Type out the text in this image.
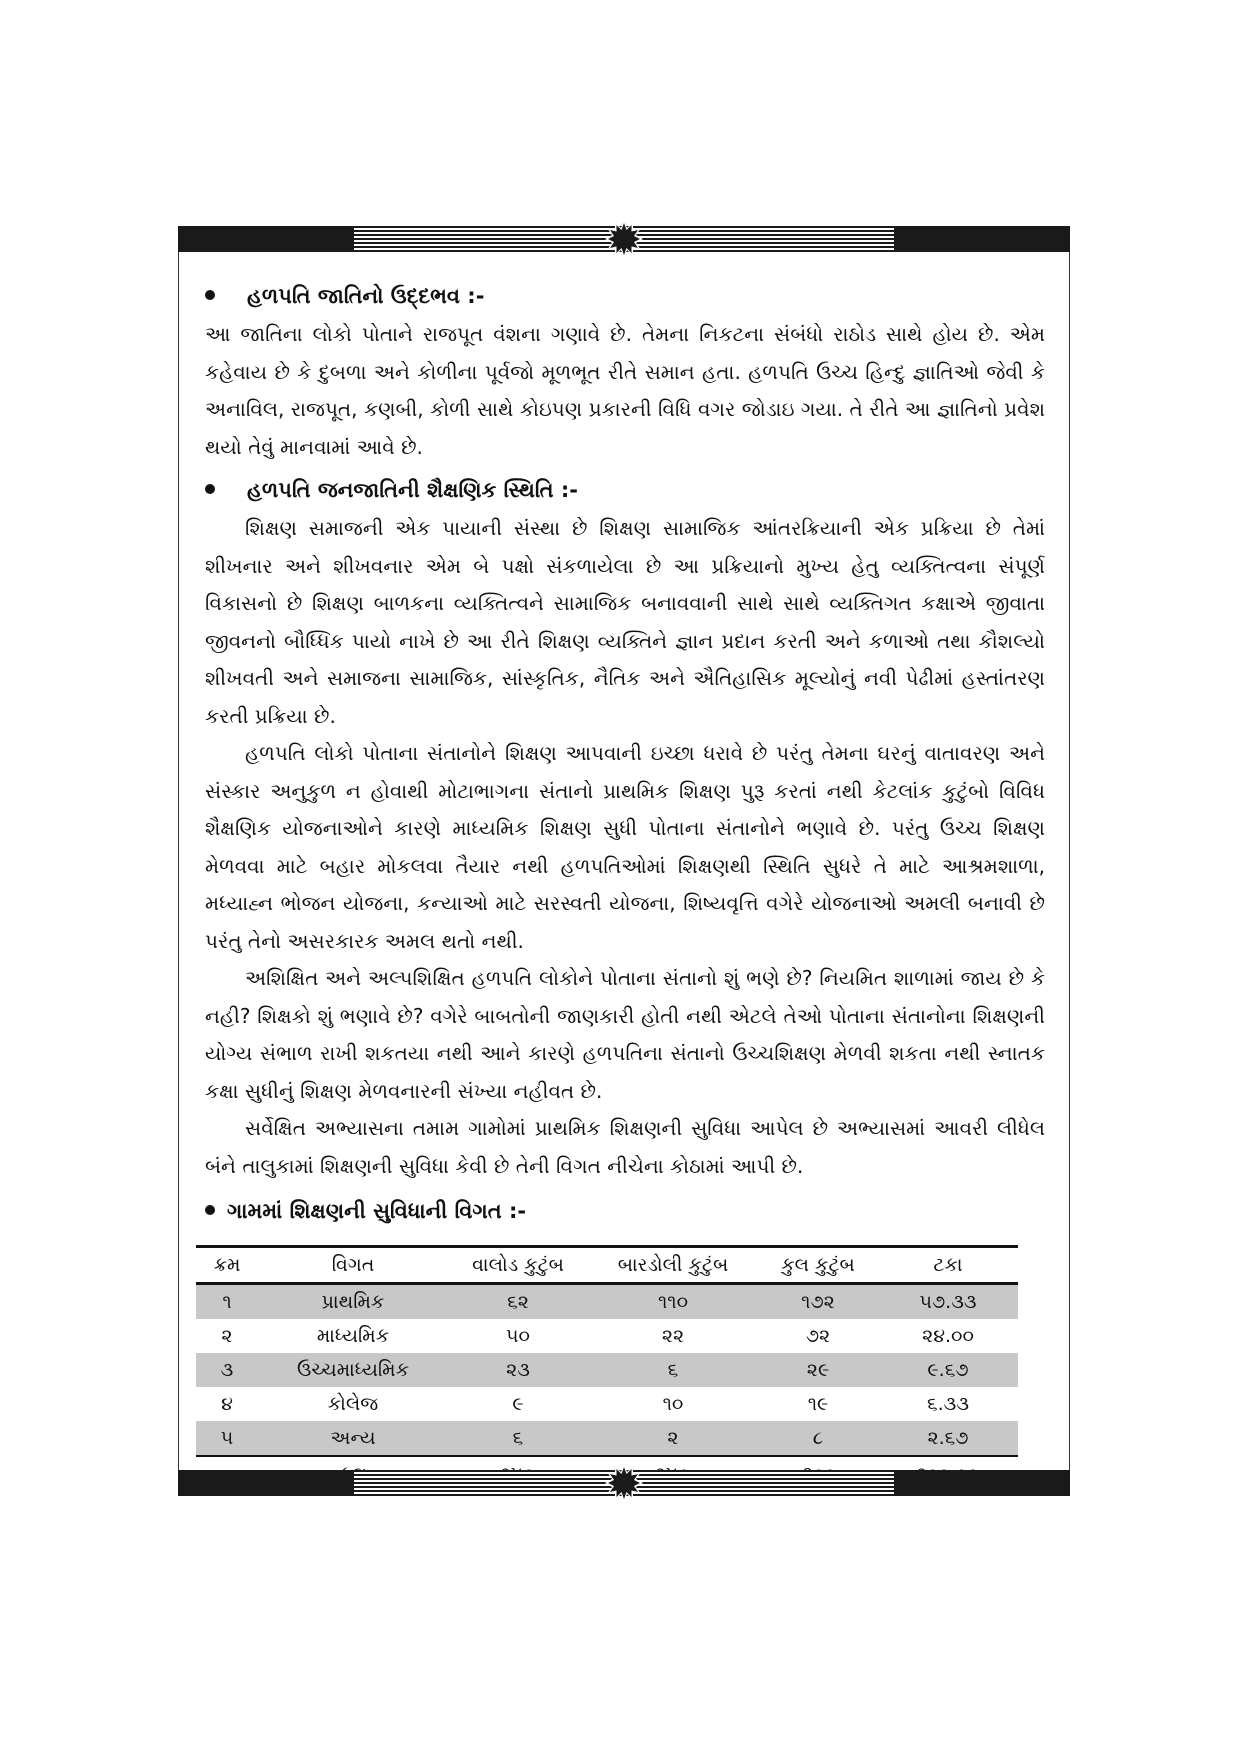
હળપતિ જાતિનો ઉદ્દભવ :-

આ જાતિના લોકો પોતાને રાજપૂત વંશના ગણાવે છે. તેમના નિકટના સંબંધો રાઠોડ સાથે હોય છે. એમ કહેવાય છે કે દુબળા અને કોળીના પૂર્વજો મૂળભૂત રીતે સમાન હતા. હળપતિ ઉચ્ચ હિન્દુ જ્ઞાતિઓ જેવી કે અનાવિલ, રાજપૂત, કણબી, કોળી સાથે કોઇપણ પ્રકારની વિધિ વગર જોડાઇ ગયા. તે રીતે આ જ્ઞાતિનો પ્રવેશ થયો તેવું માનવામાં આવે છે.

હળપતિ જનજાતિની શૈક્ષણિક સ્થિતિ :-

શિક્ષણ સમાજની એક પાયાની સંસ્થા છે શિક્ષણ સામાજિક આંતરક્રિયાની એક પ્રક્રિયા છે તેમાં શીખનાર અને શીખવનાર એમ બે પક્ષો સંકળાયેલા છે આ પ્રક્રિયાનો મુખ્ય હેતુ વ્યક્તિત્વના સંપૂર્ણ વિકાસનો છે શિક્ષણ બાળકના વ્યક્તિત્વને સામાજિક બનાવવાની સાથે સાથે વ્યક્તિગત કક્ષાએ જીવાતા જીવનનો બૌધ્ધિક પાયો નાખે છે આ રીતે શિક્ષણ વ્યક્તિને જ્ઞાન પ્રદાન કરતી અને કળાઓ તથા કૌશલ્યો શીખવતી અને સમાજના સામાજિક, સાંસ્કૃતિક, નૈતિક અને ઐતિહાસિક મૂલ્યોનું નવી પેઢીમાં હસ્તાંતરણ કરતી પ્રક્રિયા છે.

હળપતિ લોકો પોતાના સંતાનોને શિક્ષણ આપવાની ઇચ્છા ધરાવે છે પરંતુ તેમના ઘરનું વાતાવરણ અને સંસ્કાર અનુકુળ ન હોવાથી મોટાભાગના સંતાનો પ્રાથમિક શિક્ષણ પુરૂ કરતાં નથી કેટલાંક કુટુંબો વિવિધ શૈક્ષણિક યોજનાઓને કારણે માધ્યમિક શિક્ષણ સુધી પોતાના સંતાનોને ભણાવે છે. પરંતુ ઉચ્ચ શિક્ષણ મેળવવા માટે બહાર મોકલવા તૈયાર નથી હળપતિઓમાં શિક્ષણથી સ્થિતિ સુધરે તે માટે આશ્રમશાળા, મધ્યાહ્ન ભોજન યોજના, કન્યાઓ માટે સરસ્વતી યોજના, શિષ્યવૃત્તિ વગેરે યોજનાઓ અમલી બનાવી છે પરંતુ તેનો અસરકારક અમલ થતો નથી.

અશિક્ષિત અને અલ્પશિક્ષિત હળપતિ લોકોને પોતાના સંતાનો શું ભણે છે? નિયમિત શાળામાં જાય છે કે નહી? શિક્ષકો શું ભણાવે છે? વગેરે બાબતોની જાણકારી હોતી નથી એટલે તેઓ પોતાના સંતાનોના શિક્ષણની યોગ્ય સંભાળ રાખી શકતયા નથી આને કારણે હળપતિના સંતાનો ઉચ્ચશિક્ષણ મેળવી શકતા નથી સ્નાતક કક્ષા સુધીનું શિક્ષણ મેળવનારની સંખ્યા નહીવત છે.

સર્વેક્ષિત અભ્યાસના તમામ ગામોમાં પ્રાથમિક શિક્ષણની સુવિધા આપેલ છે અભ્યાસમાં આવરી લીધેલ બંને તાલુકામાં શિક્ષણની સુવિધા કેવી છે તેની વિગત નીચેના કોઠામાં આપી છે.

ગામમાં શિક્ષણની સુવિધાની વિગત :-
ક્રમ	વિગત	વાલોડ કુટુંબ	બારડોલી કુટુંબ	કુલ કુટુંબ	ટકા
૧	પ્રાથમિક	૬૨	૧૧૦	૧૭૨	૫૭.૩૩
૨	માધ્યમિક	૫૦	૨૨	૭૨	૨૪.૦૦
૩	ઉચ્ચમાધ્યમિક	૨૩	૬	૨૯	૯.૬૭
૪	કોલેજ	૯	૧૦	૧૯	૬.૩૩
૫	અન્ય	૬	૨	૮	૨.૬૭
